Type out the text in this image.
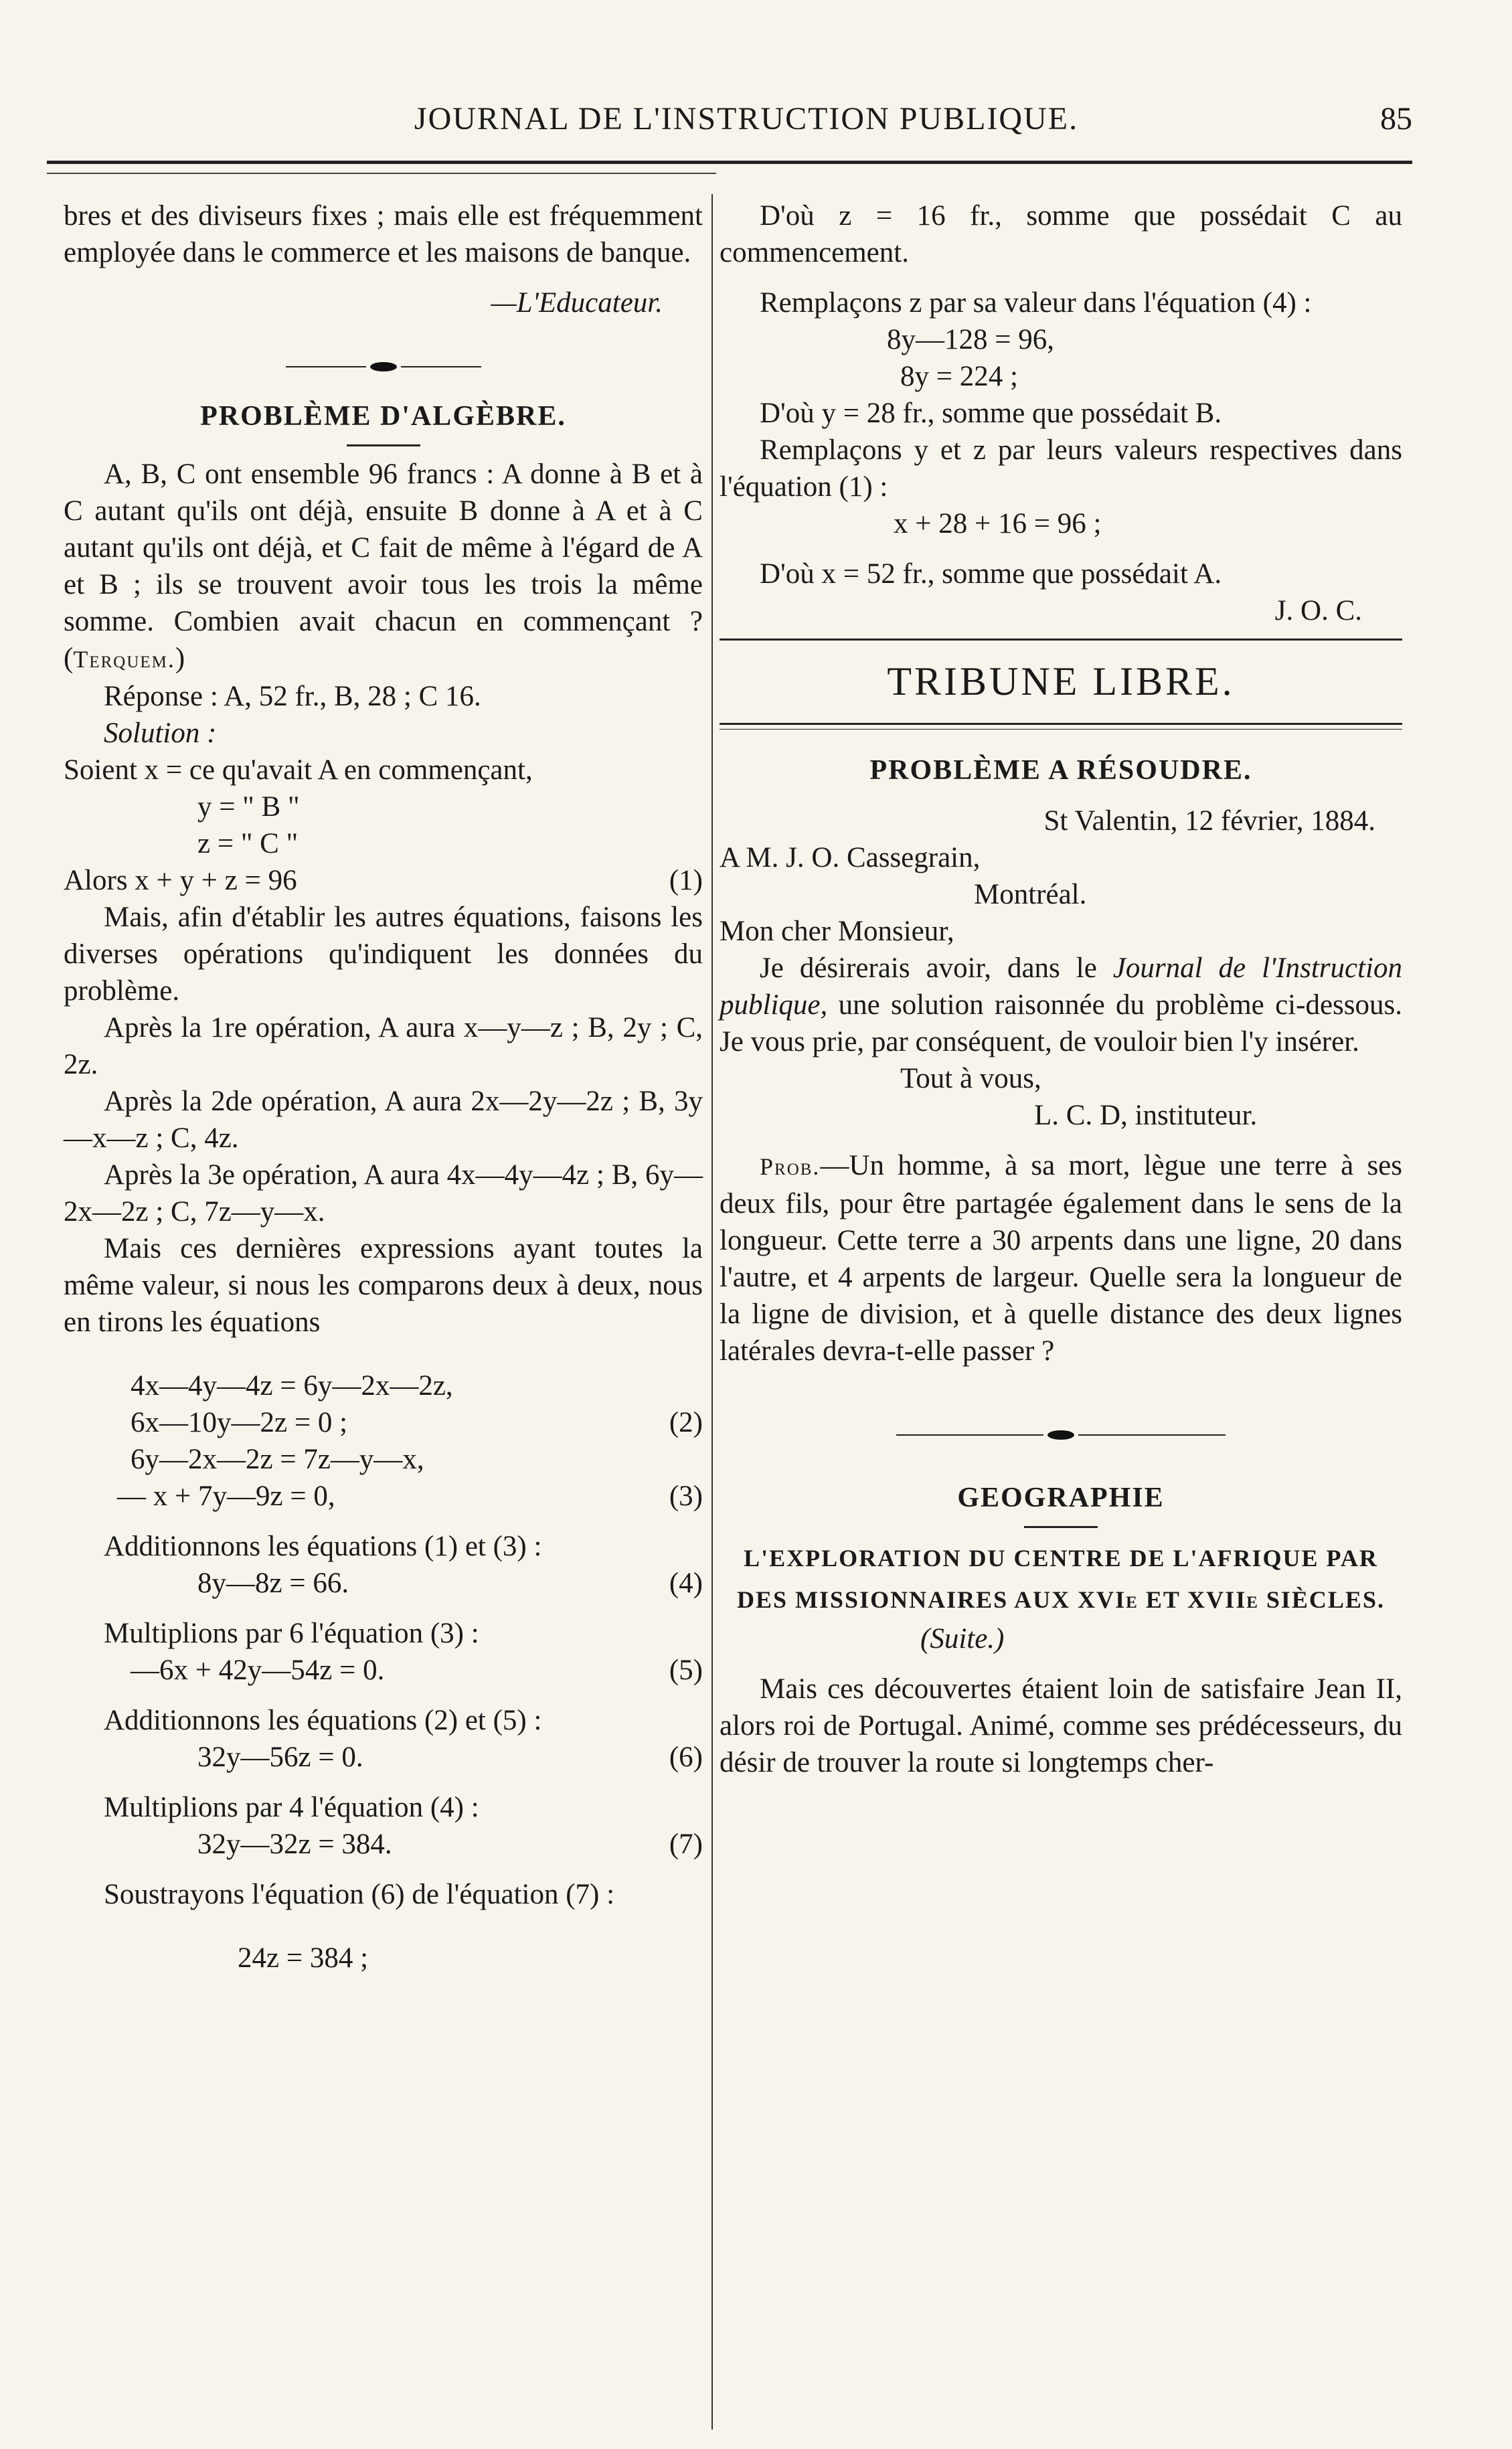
JOURNAL DE L'INSTRUCTION PUBLIQUE.	85

bres et des diviseurs fixes ; mais elle est fréquemment employée dans le commerce et les maisons de banque.

—L'Educateur.

PROBLÈME D'ALGÈBRE.

A, B, C ont ensemble 96 francs : A donne à B et à C autant qu'ils ont déjà, ensuite B donne à A et à C autant qu'ils ont déjà, et C fait de même à l'égard de A et B ; ils se trouvent avoir tous les trois la même somme. Combien avait chacun en commençant ? (Terquem.)

Réponse : A, 52 fr., B, 28 ; C 16.

Solution :

Soient x = ce qu'avait A en commençant,

y = " B "

z = " C "

Alors x + y + z = 96	(1)

Mais, afin d'établir les autres équations, faisons les diverses opérations qu'indiquent les données du problème.

Après la 1re opération, A aura x—y—z ; B, 2y ; C, 2z.

Après la 2de opération, A aura 2x—2y—2z ; B, 3y—x—z ; C, 4z.

Après la 3e opération, A aura 4x—4y—4z ; B, 6y—2x—2z ; C, 7z—y—x.

Mais ces dernières expressions ayant toutes la même valeur, si nous les comparons deux à deux, nous en tirons les équations

4x—4y—4z = 6y—2x—2z,

6x—10y—2z = 0 ;	(2)

6y—2x—2z = 7z—y—x,

— x + 7y—9z = 0,	(3)

Additionnons les équations (1) et (3) :

8y—8z = 66.	(4)

Multiplions par 6 l'équation (3) :

—6x + 42y—54z = 0.	(5)

Additionnons les équations (2) et (5) :

32y—56z = 0.	(6)

Multiplions par 4 l'équation (4) :

32y—32z = 384.	(7)

Soustrayons l'équation (6) de l'équation (7) :

24z = 384 ;

D'où z = 16 fr., somme que possédait C au commencement.

Remplaçons z par sa valeur dans l'équation (4) :

8y—128 = 96,

8y = 224 ;

D'où y = 28 fr., somme que possédait B.

Remplaçons y et z par leurs valeurs respectives dans l'équation (1) :

x + 28 + 16 = 96 ;

D'où x = 52 fr., somme que possédait A.

J. O. C.

TRIBUNE LIBRE.

PROBLÈME A RÉSOUDRE.

St Valentin, 12 février, 1884.

A M. J. O. Cassegrain,

Montréal.

Mon cher Monsieur,

Je désirerais avoir, dans le Journal de l'Instruction publique, une solution raisonnée du problème ci-dessous. Je vous prie, par conséquent, de vouloir bien l'y insérer.

Tout à vous,

L. C. D, instituteur.

Prob.—Un homme, à sa mort, lègue une terre à ses deux fils, pour être partagée également dans le sens de la longueur. Cette terre a 30 arpents dans une ligne, 20 dans l'autre, et 4 arpents de largeur. Quelle sera la longueur de la ligne de division, et à quelle distance des deux lignes latérales devra-t-elle passer ?

GEOGRAPHIE

L'EXPLORATION DU CENTRE DE L'AFRIQUE PAR DES MISSIONNAIRES AUX XVIe ET XVIIe SIÈCLES.

(Suite.)

Mais ces découvertes étaient loin de satisfaire Jean II, alors roi de Portugal. Animé, comme ses prédécesseurs, du désir de trouver la route si longtemps cher-
